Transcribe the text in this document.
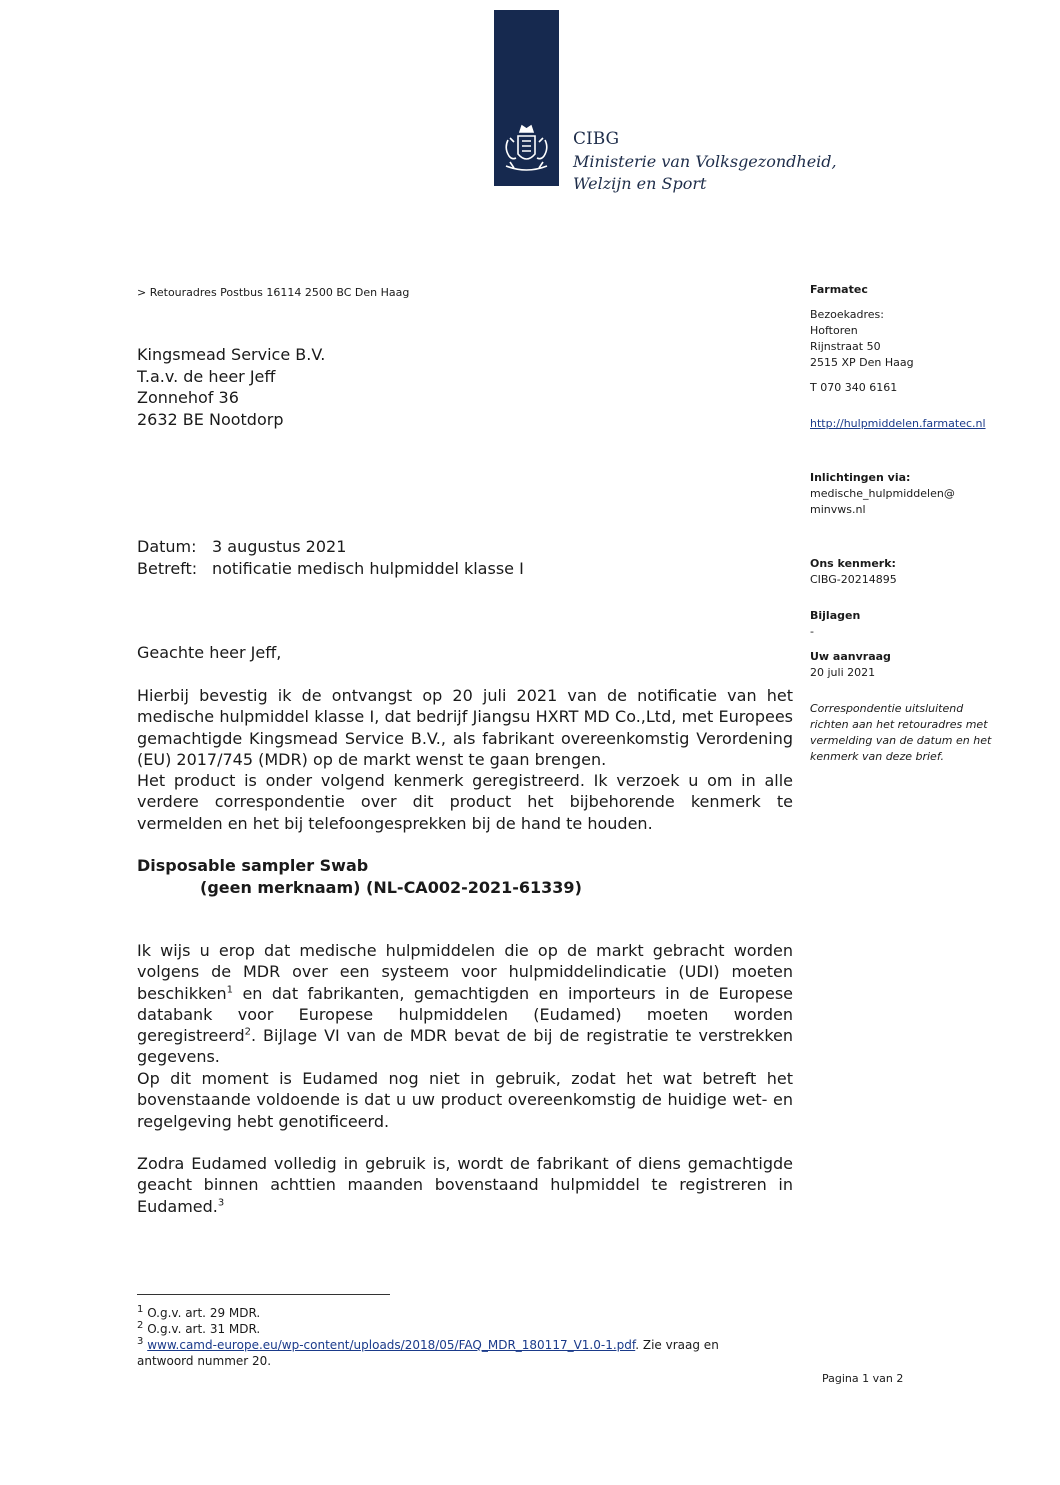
CIBG
Ministerie van Volksgezondheid,
Welzijn en Sport
> Retouradres Postbus 16114 2500 BC Den Haag
Kingsmead Service B.V.
T.a.v. de heer Jeff
Zonnehof 36
2632 BE Nootdorp
Farmatec
Bezoekadres:
Hoftoren
Rijnstraat 50
2515 XP Den Haag
T 070 340 6161
http://hulpmiddelen.farmatec.nl
Inlichtingen via:
medische_hulpmiddelen@
minvws.nl
Ons kenmerk:
CIBG-20214895
Bijlagen
-
Uw aanvraag
20 juli 2021
Correspondentie uitsluitend
richten aan het retouradres met
vermelding van de datum en het
kenmerk van deze brief.
Datum: 3 augustus 2021
Betreft: notificatie medisch hulpmiddel klasse I
Geachte heer Jeff,
Hierbij bevestig ik de ontvangst op 20 juli 2021 van de notificatie van het medische hulpmiddel klasse I, dat bedrijf Jiangsu HXRT MD Co.,Ltd, met Europees gemachtigde Kingsmead Service B.V., als fabrikant overeenkomstig Verordening (EU) 2017/745 (MDR) op de markt wenst te gaan brengen.
Het product is onder volgend kenmerk geregistreerd. Ik verzoek u om in alle verdere correspondentie over dit product het bijbehorende kenmerk te vermelden en het bij telefoongesprekken bij de hand te houden.
Disposable sampler Swab
(geen merknaam) (NL-CA002-2021-61339)
Ik wijs u erop dat medische hulpmiddelen die op de markt gebracht worden volgens de MDR over een systeem voor hulpmiddelindicatie (UDI) moeten beschikken$^1$ en dat fabrikanten, gemachtigden en importeurs in de Europese databank voor Europese hulpmiddelen (Eudamed) moeten worden geregistreerd$^2$. Bijlage VI van de MDR bevat de bij de registratie te verstrekken gegevens.
Op dit moment is Eudamed nog niet in gebruik, zodat het wat betreft het bovenstaande voldoende is dat u uw product overeenkomstig de huidige wet- en regelgeving hebt genotificeerd.
Zodra Eudamed volledig in gebruik is, wordt de fabrikant of diens gemachtigde geacht binnen achttien maanden bovenstaand hulpmiddel te registreren in Eudamed.$^3$
$^1$ O.g.v. art. 29 MDR.
$^2$ O.g.v. art. 31 MDR.
$^3$ www.camd-europe.eu/wp-content/uploads/2018/05/FAQ_MDR_180117_V1.0-1.pdf. Zie vraag en antwoord nummer 20.
Pagina 1 van 2
